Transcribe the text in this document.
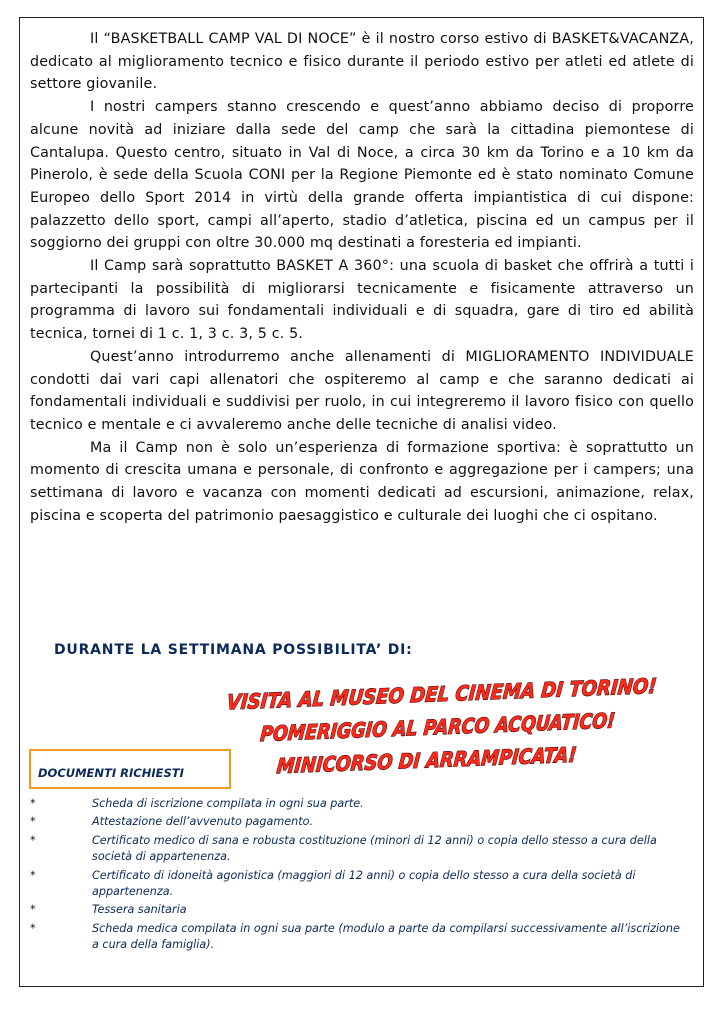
Il “BASKETBALL CAMP VAL DI NOCE” è il nostro corso estivo di BASKET&VACANZA, dedicato al miglioramento tecnico e fisico durante il periodo estivo per atleti ed atlete di settore giovanile.

I nostri campers stanno crescendo e quest’anno abbiamo deciso di proporre alcune novità ad iniziare dalla sede del camp che sarà la cittadina piemontese di Cantalupa. Questo centro, situato in Val di Noce, a circa 30 km da Torino e a 10 km da Pinerolo, è sede della Scuola CONI per la Regione Piemonte ed è stato nominato Comune Europeo dello Sport 2014 in virtù della grande offerta impiantistica di cui dispone: palazzetto dello sport, campi all’aperto, stadio d’atletica, piscina ed un campus per il soggiorno dei gruppi con oltre 30.000 mq destinati a foresteria ed impianti.

Il Camp sarà soprattutto BASKET A 360°: una scuola di basket che offrirà a tutti i partecipanti la possibilità di migliorarsi tecnicamente e fisicamente attraverso un programma di lavoro sui fondamentali individuali e di squadra, gare di tiro ed abilità tecnica, tornei di 1 c. 1, 3 c. 3, 5 c. 5.

Quest’anno introdurremo anche allenamenti di MIGLIORAMENTO INDIVIDUALE condotti dai vari capi allenatori che ospiteremo al camp e che saranno dedicati ai fondamentali individuali e suddivisi per ruolo, in cui integreremo il lavoro fisico con quello tecnico e mentale e ci avvaleremo anche delle tecniche di analisi video.

Ma il Camp non è solo un’esperienza di formazione sportiva: è soprattutto un momento di crescita umana e personale, di confronto e aggregazione per i campers; una settimana di lavoro e vacanza con momenti dedicati ad escursioni, animazione, relax, piscina e scoperta del patrimonio paesaggistico e culturale dei luoghi che ci ospitano.

DURANTE LA SETTIMANA POSSIBILITA’ DI:
VISITA AL MUSEO DEL CINEMA DI TORINO!
POMERIGGIO AL PARCO ACQUATICO!
MINICORSO DI ARRAMPICATA!
DOCUMENTI RICHIESTI
*	Scheda di iscrizione compilata in ogni sua parte.
*	Attestazione dell’avvenuto pagamento.
*	Certificato medico di sana e robusta costituzione (minori di 12 anni) o copia dello stesso a cura della società di appartenenza.
*	Certificato di idoneità agonistica (maggiori di 12 anni) o copia dello stesso a cura della società di appartenenza.
*	Tessera sanitaria
*	Scheda medica compilata in ogni sua parte (modulo a parte da compilarsi successivamente all’iscrizione a cura della famiglia).
